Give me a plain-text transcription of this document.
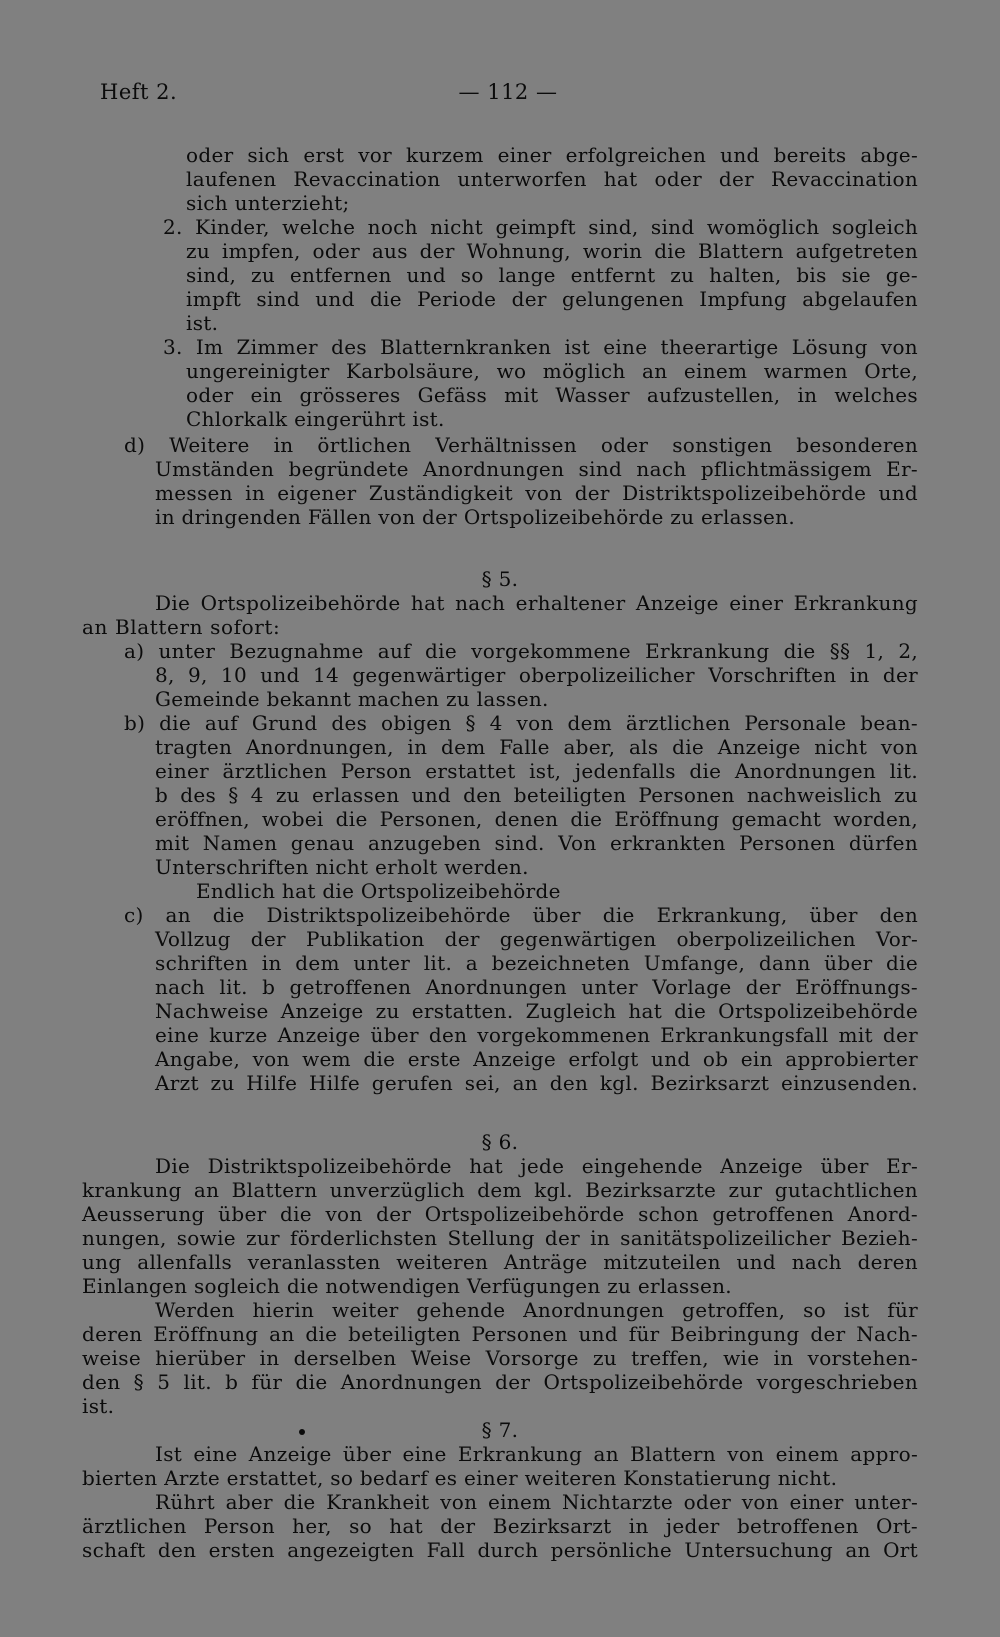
Heft 2.	— 112 —
oder sich erst vor kurzem einer erfolgreichen und bereits abge-
laufenen Revaccination unterworfen hat oder der Revaccination
sich unterzieht;
2. Kinder, welche noch nicht geimpft sind, sind womöglich sogleich
zu impfen, oder aus der Wohnung, worin die Blattern aufgetreten
sind, zu entfernen und so lange entfernt zu halten, bis sie ge-
impft sind und die Periode der gelungenen Impfung abgelaufen
ist.
3. Im Zimmer des Blatternkranken ist eine theerartige Lösung von
ungereinigter Karbolsäure, wo möglich an einem warmen Orte,
oder ein grösseres Gefäss mit Wasser aufzustellen, in welches
Chlorkalk eingerührt ist.
d) Weitere in örtlichen Verhältnissen oder sonstigen besonderen
Umständen begründete Anordnungen sind nach pflichtmässigem Er-
messen in eigener Zuständigkeit von der Distriktspolizeibehörde und
in dringenden Fällen von der Ortspolizeibehörde zu erlassen.
§ 5.
Die Ortspolizeibehörde hat nach erhaltener Anzeige einer Erkrankung
an Blattern sofort:
a) unter Bezugnahme auf die vorgekommene Erkrankung die §§ 1, 2,
8, 9, 10 und 14 gegenwärtiger oberpolizeilicher Vorschriften in der
Gemeinde bekannt machen zu lassen.
b) die auf Grund des obigen § 4 von dem ärztlichen Personale bean-
tragten Anordnungen, in dem Falle aber, als die Anzeige nicht von
einer ärztlichen Person erstattet ist, jedenfalls die Anordnungen lit.
b des § 4 zu erlassen und den beteiligten Personen nachweislich zu
eröffnen, wobei die Personen, denen die Eröffnung gemacht worden,
mit Namen genau anzugeben sind. Von erkrankten Personen dürfen
Unterschriften nicht erholt werden.
Endlich hat die Ortspolizeibehörde
c) an die Distriktspolizeibehörde über die Erkrankung, über den
Vollzug der Publikation der gegenwärtigen oberpolizeilichen Vor-
schriften in dem unter lit. a bezeichneten Umfange, dann über die
nach lit. b getroffenen Anordnungen unter Vorlage der Eröffnungs-
Nachweise Anzeige zu erstatten. Zugleich hat die Ortspolizeibehörde
eine kurze Anzeige über den vorgekommenen Erkrankungsfall mit der
Angabe, von wem die erste Anzeige erfolgt und ob ein approbierter
Arzt zu Hilfe Hilfe gerufen sei, an den kgl. Bezirksarzt einzusenden.
§ 6.
Die Distriktspolizeibehörde hat jede eingehende Anzeige über Er-
krankung an Blattern unverzüglich dem kgl. Bezirksarzte zur gutachtlichen
Aeusserung über die von der Ortspolizeibehörde schon getroffenen Anord-
nungen, sowie zur förderlichsten Stellung der in sanitätspolizeilicher Bezieh-
ung allenfalls veranlassten weiteren Anträge mitzuteilen und nach deren
Einlangen sogleich die notwendigen Verfügungen zu erlassen.
Werden hierin weiter gehende Anordnungen getroffen, so ist für
deren Eröffnung an die beteiligten Personen und für Beibringung der Nach-
weise hierüber in derselben Weise Vorsorge zu treffen, wie in vorstehen-
den § 5 lit. b für die Anordnungen der Ortspolizeibehörde vorgeschrieben
ist.
§ 7.
Ist eine Anzeige über eine Erkrankung an Blattern von einem appro-
bierten Arzte erstattet, so bedarf es einer weiteren Konstatierung nicht.
Rührt aber die Krankheit von einem Nichtarzte oder von einer unter-
ärztlichen Person her, so hat der Bezirksarzt in jeder betroffenen Ort-
schaft den ersten angezeigten Fall durch persönliche Untersuchung an Ort
